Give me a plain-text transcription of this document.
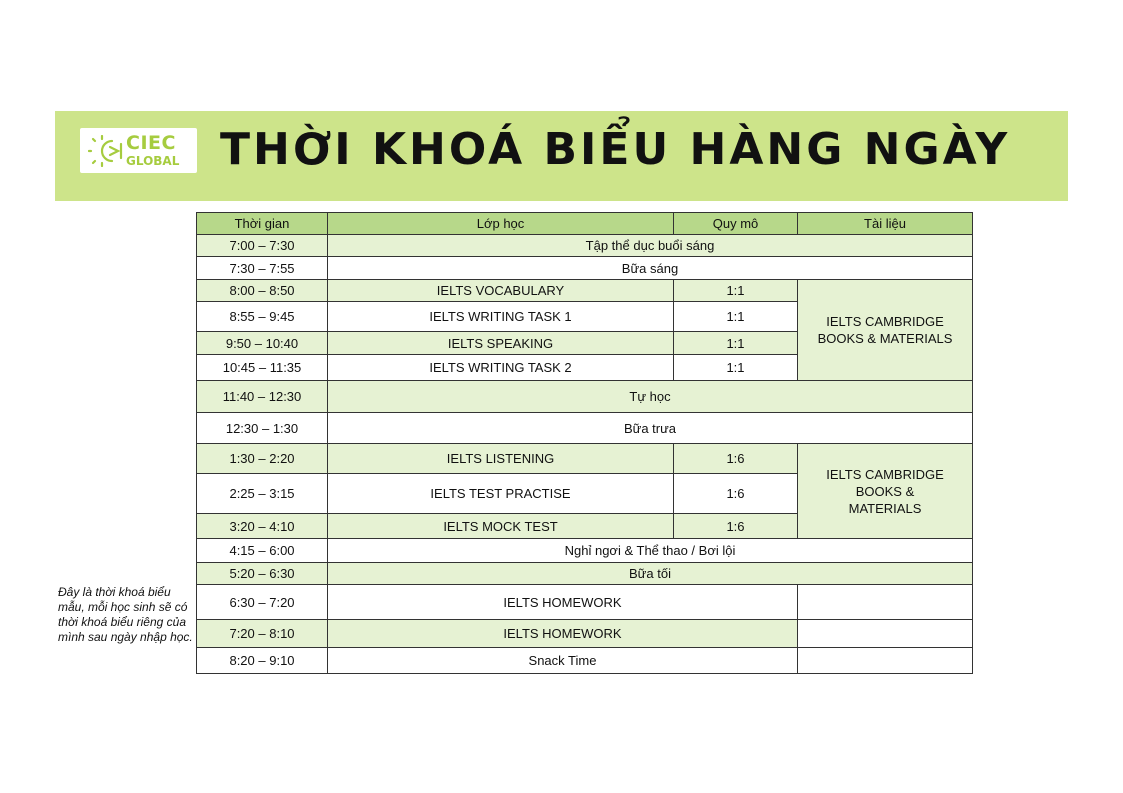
CIEC
GLOBAL THỜI KHOÁ BIỂU HÀNG NGÀY
Thời gian	Lớp học	Quy mô	Tài liệu
7:00 – 7:30	Tập thể dục buổi sáng		
7:30 – 7:55	Bữa sáng		
8:00 – 8:50	IELTS VOCABULARY	1:1	IELTS CAMBRIDGE
BOOKS & MATERIALS

8:55 – 9:45	IELTS WRITING TASK 1	1:1	
9:50 – 10:40	IELTS SPEAKING	1:1	
10:45 – 11:35	IELTS WRITING TASK 2	1:1	
11:40 – 12:30	Tự học		
12:30 – 1:30	Bữa trưa		
1:30 – 2:20	IELTS LISTENING	1:6	IELTS CAMBRIDGE
BOOKS &
MATERIALS

2:25 – 3:15	IELTS TEST PRACTISE	1:6	
3:20 – 4:10	IELTS MOCK TEST	1:6	
4:15 – 6:00	Nghỉ ngơi & Thể thao / Bơi lội		
5:20 – 6:30	Bữa tối		
6:30 – 7:20	IELTS HOMEWORK		
7:20 – 8:10	IELTS HOMEWORK		
8:20 – 9:10	Snack Time		
Đây là thời khoá biểu mẫu, mỗi học sinh sẽ có thời khoá biểu riêng của mình sau ngày nhập học.
